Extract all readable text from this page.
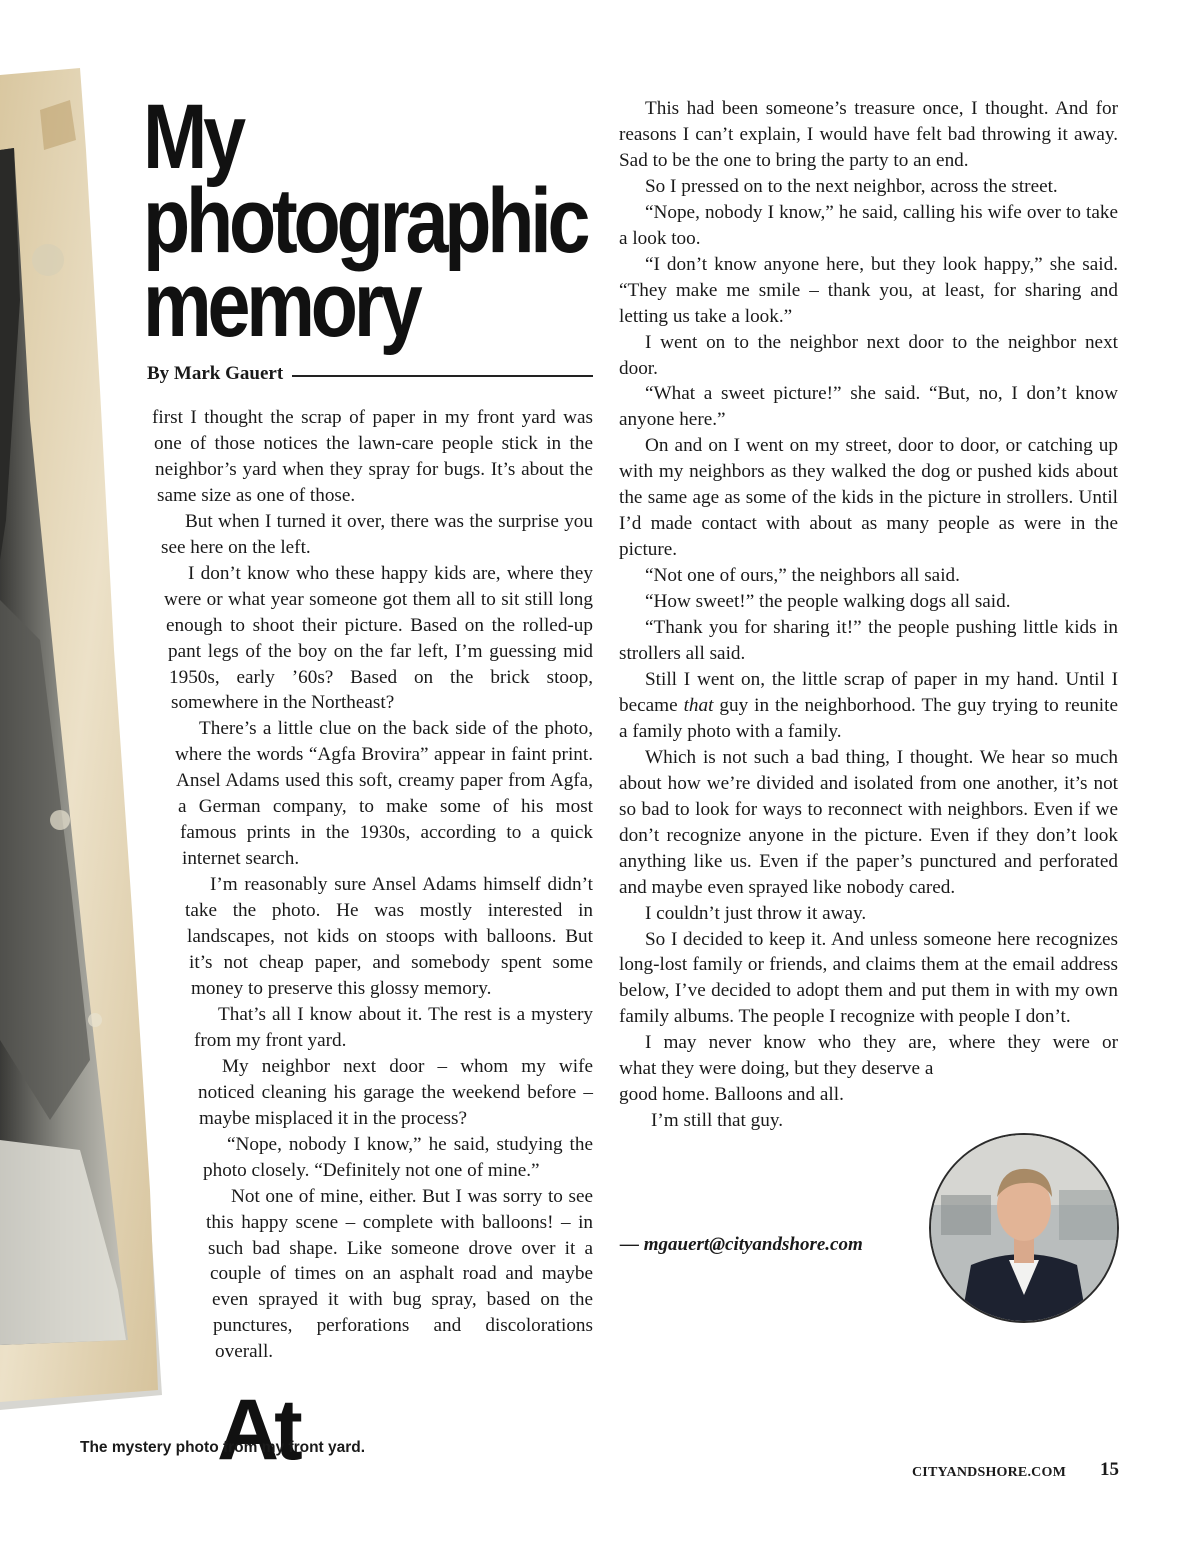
My
photographic
memory
By Mark Gauert
At

first I thought the scrap of paper in my front yard was one of those notices the lawn-care people stick in the neighbor’s yard when they spray for bugs. It’s about the same size as one of those.

But when I turned it over, there was the surprise you see here on the left.

I don’t know who these happy kids are, where they were or what year someone got them all to sit still long enough to shoot their picture. Based on the rolled-up pant legs of the boy on the far left, I’m guessing mid 1950s, early ’60s? Based on the brick stoop, somewhere in the Northeast?

There’s a little clue on the back side of the photo, where the words “Agfa Brovira” appear in faint print. Ansel Adams used this soft, creamy paper from Agfa, a German company, to make some of his most famous prints in the 1930s, according to a quick internet search.

I’m reasonably sure Ansel Adams himself didn’t take the photo. He was mostly interested in landscapes, not kids on stoops with balloons. But it’s not cheap paper, and somebody spent some money to preserve this glossy memory.

That’s all I know about it. The rest is a mystery from my front yard.

My neighbor next door – whom my wife noticed cleaning his garage the weekend before – maybe misplaced it in the process?

“Nope, nobody I know,” he said, studying the photo closely. “Definitely not one of mine.”

Not one of mine, either. But I was sorry to see this happy scene – complete with balloons! – in such bad shape. Like someone drove over it a couple of times on an asphalt road and maybe even sprayed it with bug spray, based on the punctures, perforations and discolorations overall.

This had been someone’s treasure once, I thought. And for reasons I can’t explain, I would have felt bad throwing it away. Sad to be the one to bring the party to an end.

So I pressed on to the next neighbor, across the street.

“Nope, nobody I know,” he said, calling his wife over to take a look too.

“I don’t know anyone here, but they look happy,” she said. “They make me smile – thank you, at least, for sharing and letting us take a look.”

I went on to the neighbor next door to the neighbor next door.

“What a sweet picture!” she said. “But, no, I don’t know anyone here.”

On and on I went on my street, door to door, or catching up with my neighbors as they walked the dog or pushed kids about the same age as some of the kids in the picture in strollers. Until I’d made contact with about as many people as were in the picture.

“Not one of ours,” the neighbors all said.

“How sweet!” the people walking dogs all said.

“Thank you for sharing it!” the people pushing little kids in strollers all said.

Still I went on, the little scrap of paper in my hand. Until I became that guy in the neighborhood. The guy trying to reunite a family photo with a family.

Which is not such a bad thing, I thought. We hear so much about how we’re divided and isolated from one another, it’s not so bad to look for ways to reconnect with neighbors. Even if we don’t recognize anyone in the picture. Even if they don’t look anything like us. Even if the paper’s punctured and perforated and maybe even sprayed like nobody cared.

I couldn’t just throw it away.

So I decided to keep it. And unless someone here recognizes long-lost family or friends, and claims them at the email address below, I’ve decided to adopt them and put them in with my own family albums. The people I recognize with people I don’t.

I may never know who they are, where they were or
what they were doing, but they deserve a
good home. Balloons and all.
I’m still that guy.
— mgauert@cityandshore.com
The mystery photo from my front yard.
CITYANDSHORE.COM 15
